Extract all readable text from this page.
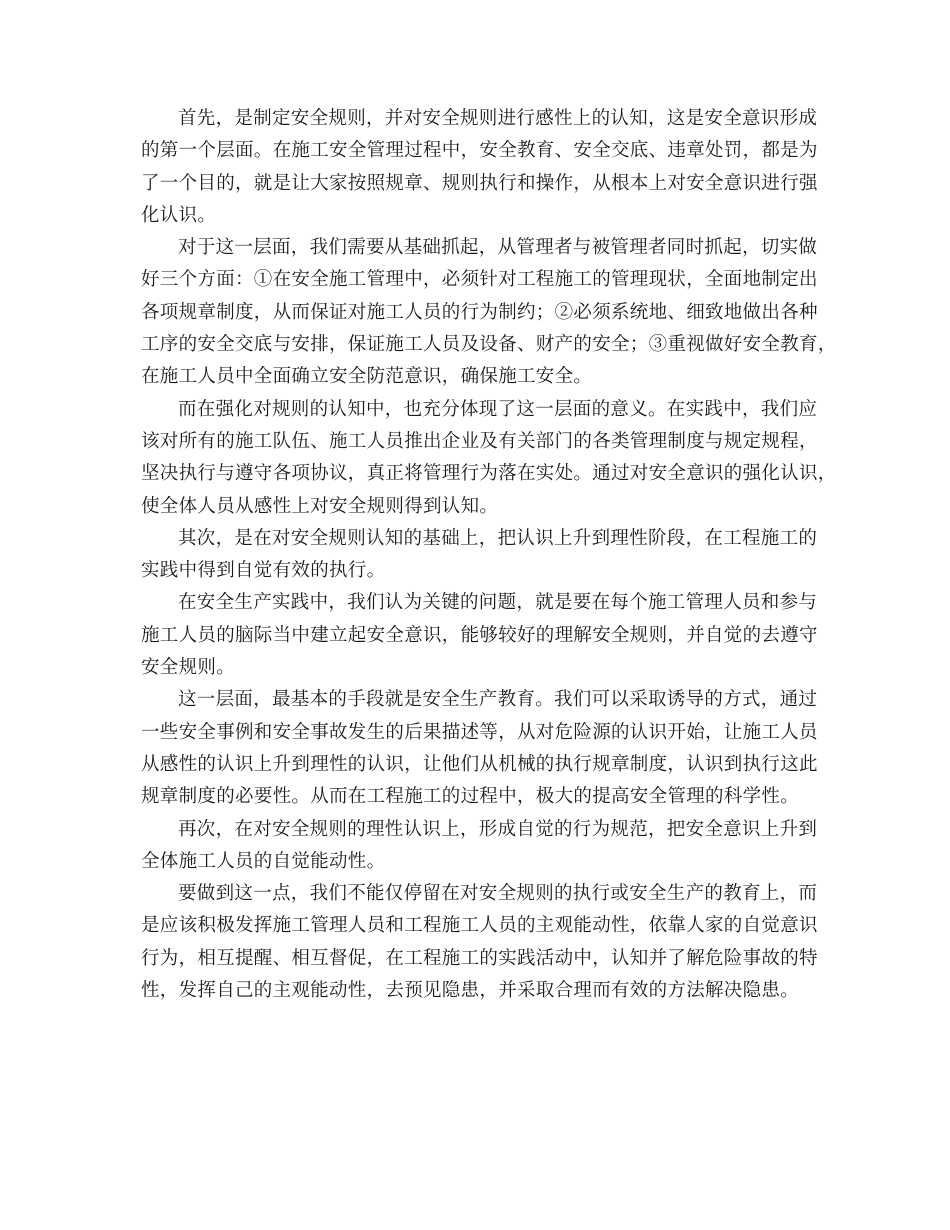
首先，是制定安全规则，并对安全规则进行感性上的认知，这是安全意识形成
的第一个层面。在施工安全管理过程中，安全教育、安全交底、违章处罚，都是为
了一个目的，就是让大家按照规章、规则执行和操作，从根本上对安全意识进行强
化认识。

对于这一层面，我们需要从基础抓起，从管理者与被管理者同时抓起，切实做
好三个方面：①在安全施工管理中，必须针对工程施工的管理现状，全面地制定出
各项规章制度，从而保证对施工人员的行为制约；②必须系统地、细致地做出各种
工序的安全交底与安排，保证施工人员及设备、财产的安全；③重视做好安全教育，
在施工人员中全面确立安全防范意识，确保施工安全。

而在强化对规则的认知中，也充分体现了这一层面的意义。在实践中，我们应
该对所有的施工队伍、施工人员推出企业及有关部门的各类管理制度与规定规程，
坚决执行与遵守各项协议，真正将管理行为落在实处。通过对安全意识的强化认识，
使全体人员从感性上对安全规则得到认知。

其次，是在对安全规则认知的基础上，把认识上升到理性阶段，在工程施工的
实践中得到自觉有效的执行。

在安全生产实践中，我们认为关键的问题，就是要在每个施工管理人员和参与
施工人员的脑际当中建立起安全意识，能够较好的理解安全规则，并自觉的去遵守
安全规则。

这一层面，最基本的手段就是安全生产教育。我们可以采取诱导的方式，通过
一些安全事例和安全事故发生的后果描述等，从对危险源的认识开始，让施工人员
从感性的认识上升到理性的认识，让他们从机械的执行规章制度，认识到执行这此
规章制度的必要性。从而在工程施工的过程中，极大的提高安全管理的科学性。

再次，在对安全规则的理性认识上，形成自觉的行为规范，把安全意识上升到
全体施工人员的自觉能动性。

要做到这一点，我们不能仅停留在对安全规则的执行或安全生产的教育上，而
是应该积极发挥施工管理人员和工程施工人员的主观能动性，依靠人家的自觉意识
行为，相互提醒、相互督促，在工程施工的实践活动中，认知并了解危险事故的特
性，发挥自己的主观能动性，去预见隐患，并采取合理而有效的方法解决隐患。
